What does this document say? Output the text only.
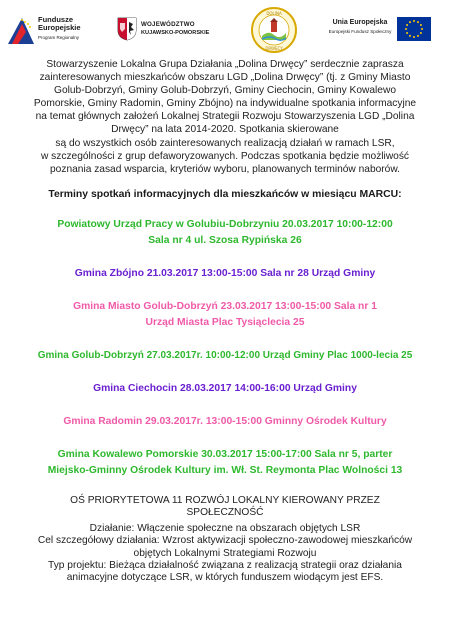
Fundusze
Europejskie
Program Regionalny
WOJEWÓDZTWO
KUJAWSKO-POMORSKIE
DOLINA
DRWĘCY
Unia Europejska
Europejski Fundusz Społeczny
Stowarzyszenie Lokalna Grupa Działania „Dolina Drwęcy” serdecznie zaprasza
zainteresowanych mieszkańców obszaru LGD „Dolina Drwęcy” (tj. z Gminy Miasto
Golub-Dobrzyń, Gminy Golub-Dobrzyń, Gminy Ciechocin, Gminy Kowalewo
Pomorskie, Gminy Radomin, Gminy Zbójno) na indywidualne spotkania informacyjne
na temat głównych założeń Lokalnej Strategii Rozwoju Stowarzyszenia LGD „Dolina
Drwęcy” na lata 2014-2020. Spotkania skierowane
są do wszystkich osób zainteresowanych realizacją działań w ramach LSR,
w szczególności z grup defaworyzowanych. Podczas spotkania będzie możliwość
poznania zasad wsparcia, kryteriów wyboru, planowanych terminów naborów.
Terminy spotkań informacyjnych dla mieszkańców w miesiącu MARCU:
Powiatowy Urząd Pracy w Golubiu-Dobrzyniu 20.03.2017 10:00-12:00
Sala nr 4 ul. Szosa Rypińska 26
Gmina Zbójno 21.03.2017 13:00-15:00 Sala nr 28 Urząd Gminy
Gmina Miasto Golub-Dobrzyń 23.03.2017 13:00-15:00 Sala nr 1
Urząd Miasta Plac Tysiąclecia 25
Gmina Golub-Dobrzyń 27.03.2017r. 10:00-12:00 Urząd Gminy Plac 1000-lecia 25
Gmina Ciechocin 28.03.2017 14:00-16:00 Urząd Gminy
Gmina Radomin 29.03.2017r. 13:00-15:00 Gminny Ośrodek Kultury
Gmina Kowalewo Pomorskie 30.03.2017 15:00-17:00 Sala nr 5, parter
Miejsko-Gminny Ośrodek Kultury im. Wł. St. Reymonta Plac Wolności 13
OŚ PRIORYTETOWA 11 ROZWÓJ LOKALNY KIEROWANY PRZEZ
SPOŁECZNOŚĆ
Działanie: Włączenie społeczne na obszarach objętych LSR
Cel szczegółowy działania: Wzrost aktywizacji społeczno-zawodowej mieszkańców
objętych Lokalnymi Strategiami Rozwoju
Typ projektu: Bieżąca działalność związana z realizacją strategii oraz działania
animacyjne dotyczące LSR, w których funduszem wiodącym jest EFS.
